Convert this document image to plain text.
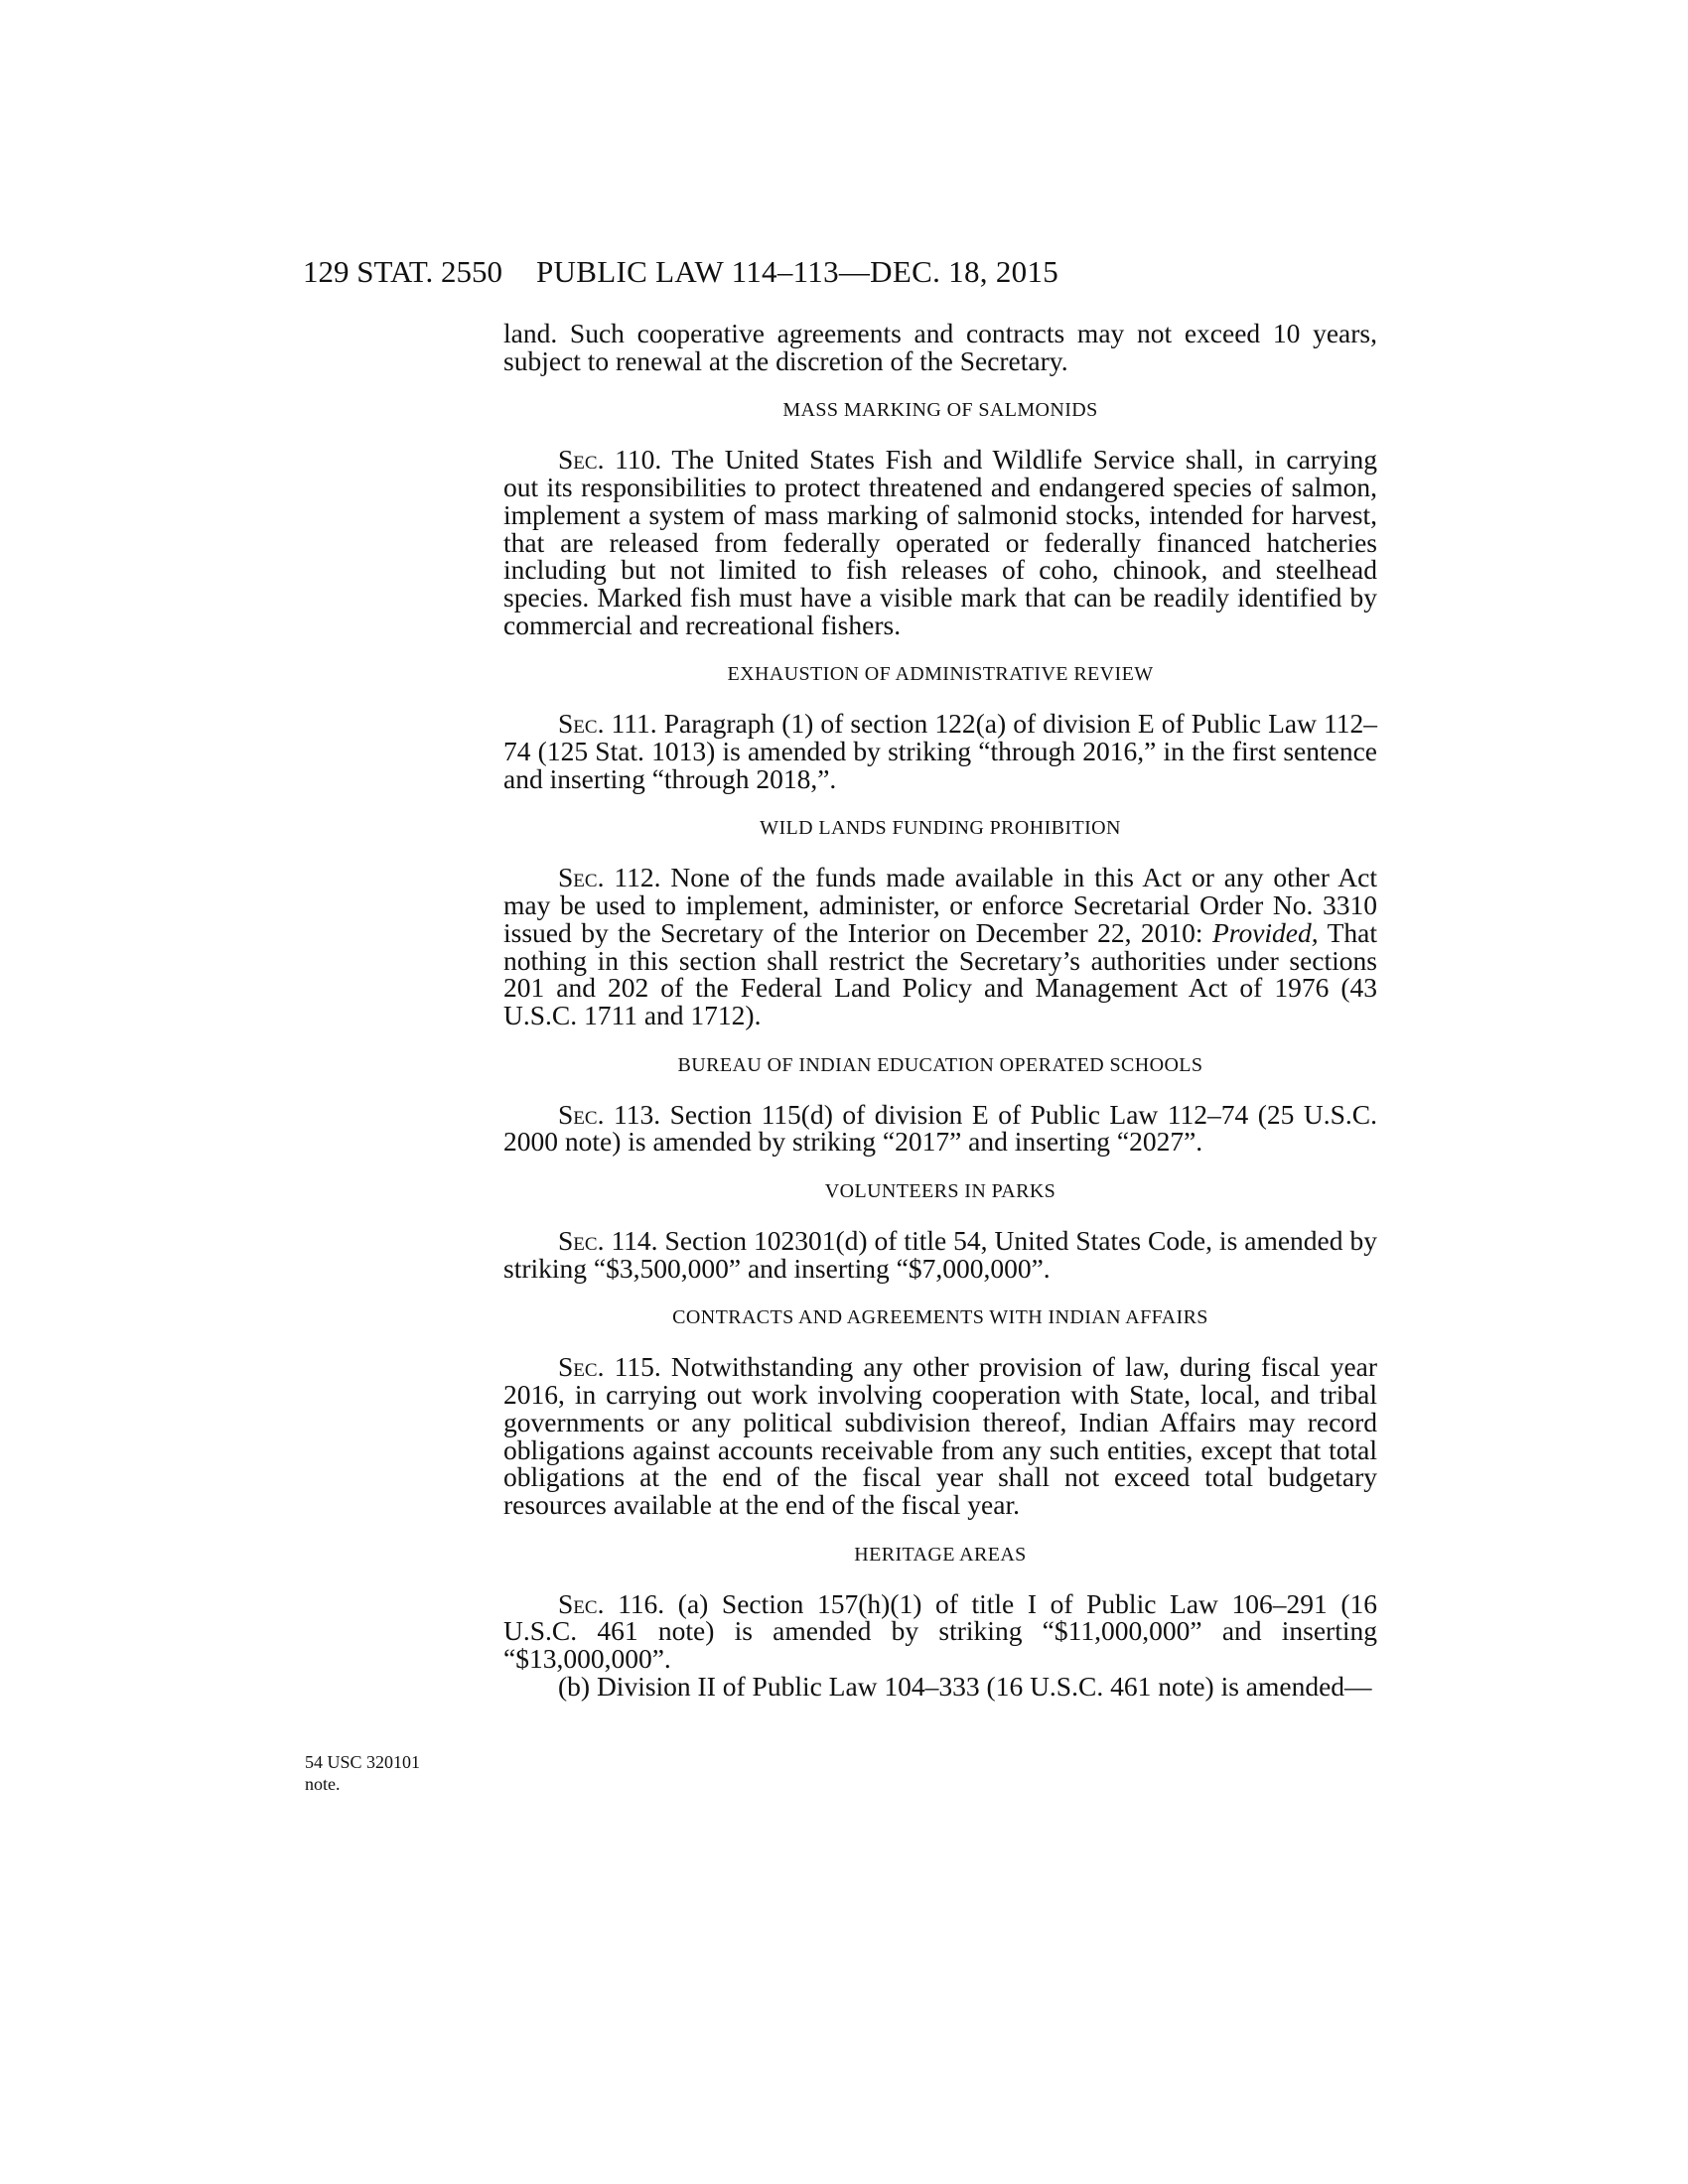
129 STAT. 2550 PUBLIC LAW 114–113—DEC. 18, 2015
54 USC 320101
note.

land. Such cooperative agreements and contracts may not exceed 10 years, subject to renewal at the discretion of the Secretary.

MASS MARKING OF SALMONIDS

Sec. 110. The United States Fish and Wildlife Service shall, in carrying out its responsibilities to protect threatened and endangered species of salmon, implement a system of mass marking of salmonid stocks, intended for harvest, that are released from federally operated or federally financed hatcheries including but not limited to fish releases of coho, chinook, and steelhead species. Marked fish must have a visible mark that can be readily identified by commercial and recreational fishers.

EXHAUSTION OF ADMINISTRATIVE REVIEW

Sec. 111. Paragraph (1) of section 122(a) of division E of Public Law 112–74 (125 Stat. 1013) is amended by striking “through 2016,” in the first sentence and inserting “through 2018,”.

WILD LANDS FUNDING PROHIBITION

Sec. 112. None of the funds made available in this Act or any other Act may be used to implement, administer, or enforce Secretarial Order No. 3310 issued by the Secretary of the Interior on December 22, 2010: Provided, That nothing in this section shall restrict the Secretary’s authorities under sections 201 and 202 of the Federal Land Policy and Management Act of 1976 (43 U.S.C. 1711 and 1712).

BUREAU OF INDIAN EDUCATION OPERATED SCHOOLS

Sec. 113. Section 115(d) of division E of Public Law 112–74 (25 U.S.C. 2000 note) is amended by striking “2017” and inserting “2027”.

VOLUNTEERS IN PARKS

Sec. 114. Section 102301(d) of title 54, United States Code, is amended by striking “$3,500,000” and inserting “$7,000,000”.

CONTRACTS AND AGREEMENTS WITH INDIAN AFFAIRS

Sec. 115. Notwithstanding any other provision of law, during fiscal year 2016, in carrying out work involving cooperation with State, local, and tribal governments or any political subdivision thereof, Indian Affairs may record obligations against accounts receivable from any such entities, except that total obligations at the end of the fiscal year shall not exceed total budgetary resources available at the end of the fiscal year.

HERITAGE AREAS

Sec. 116. (a) Section 157(h)(1) of title I of Public Law 106–291 (16 U.S.C. 461 note) is amended by striking “$11,000,000” and inserting “$13,000,000”.

(b) Division II of Public Law 104–333 (16 U.S.C. 461 note) is amended—
